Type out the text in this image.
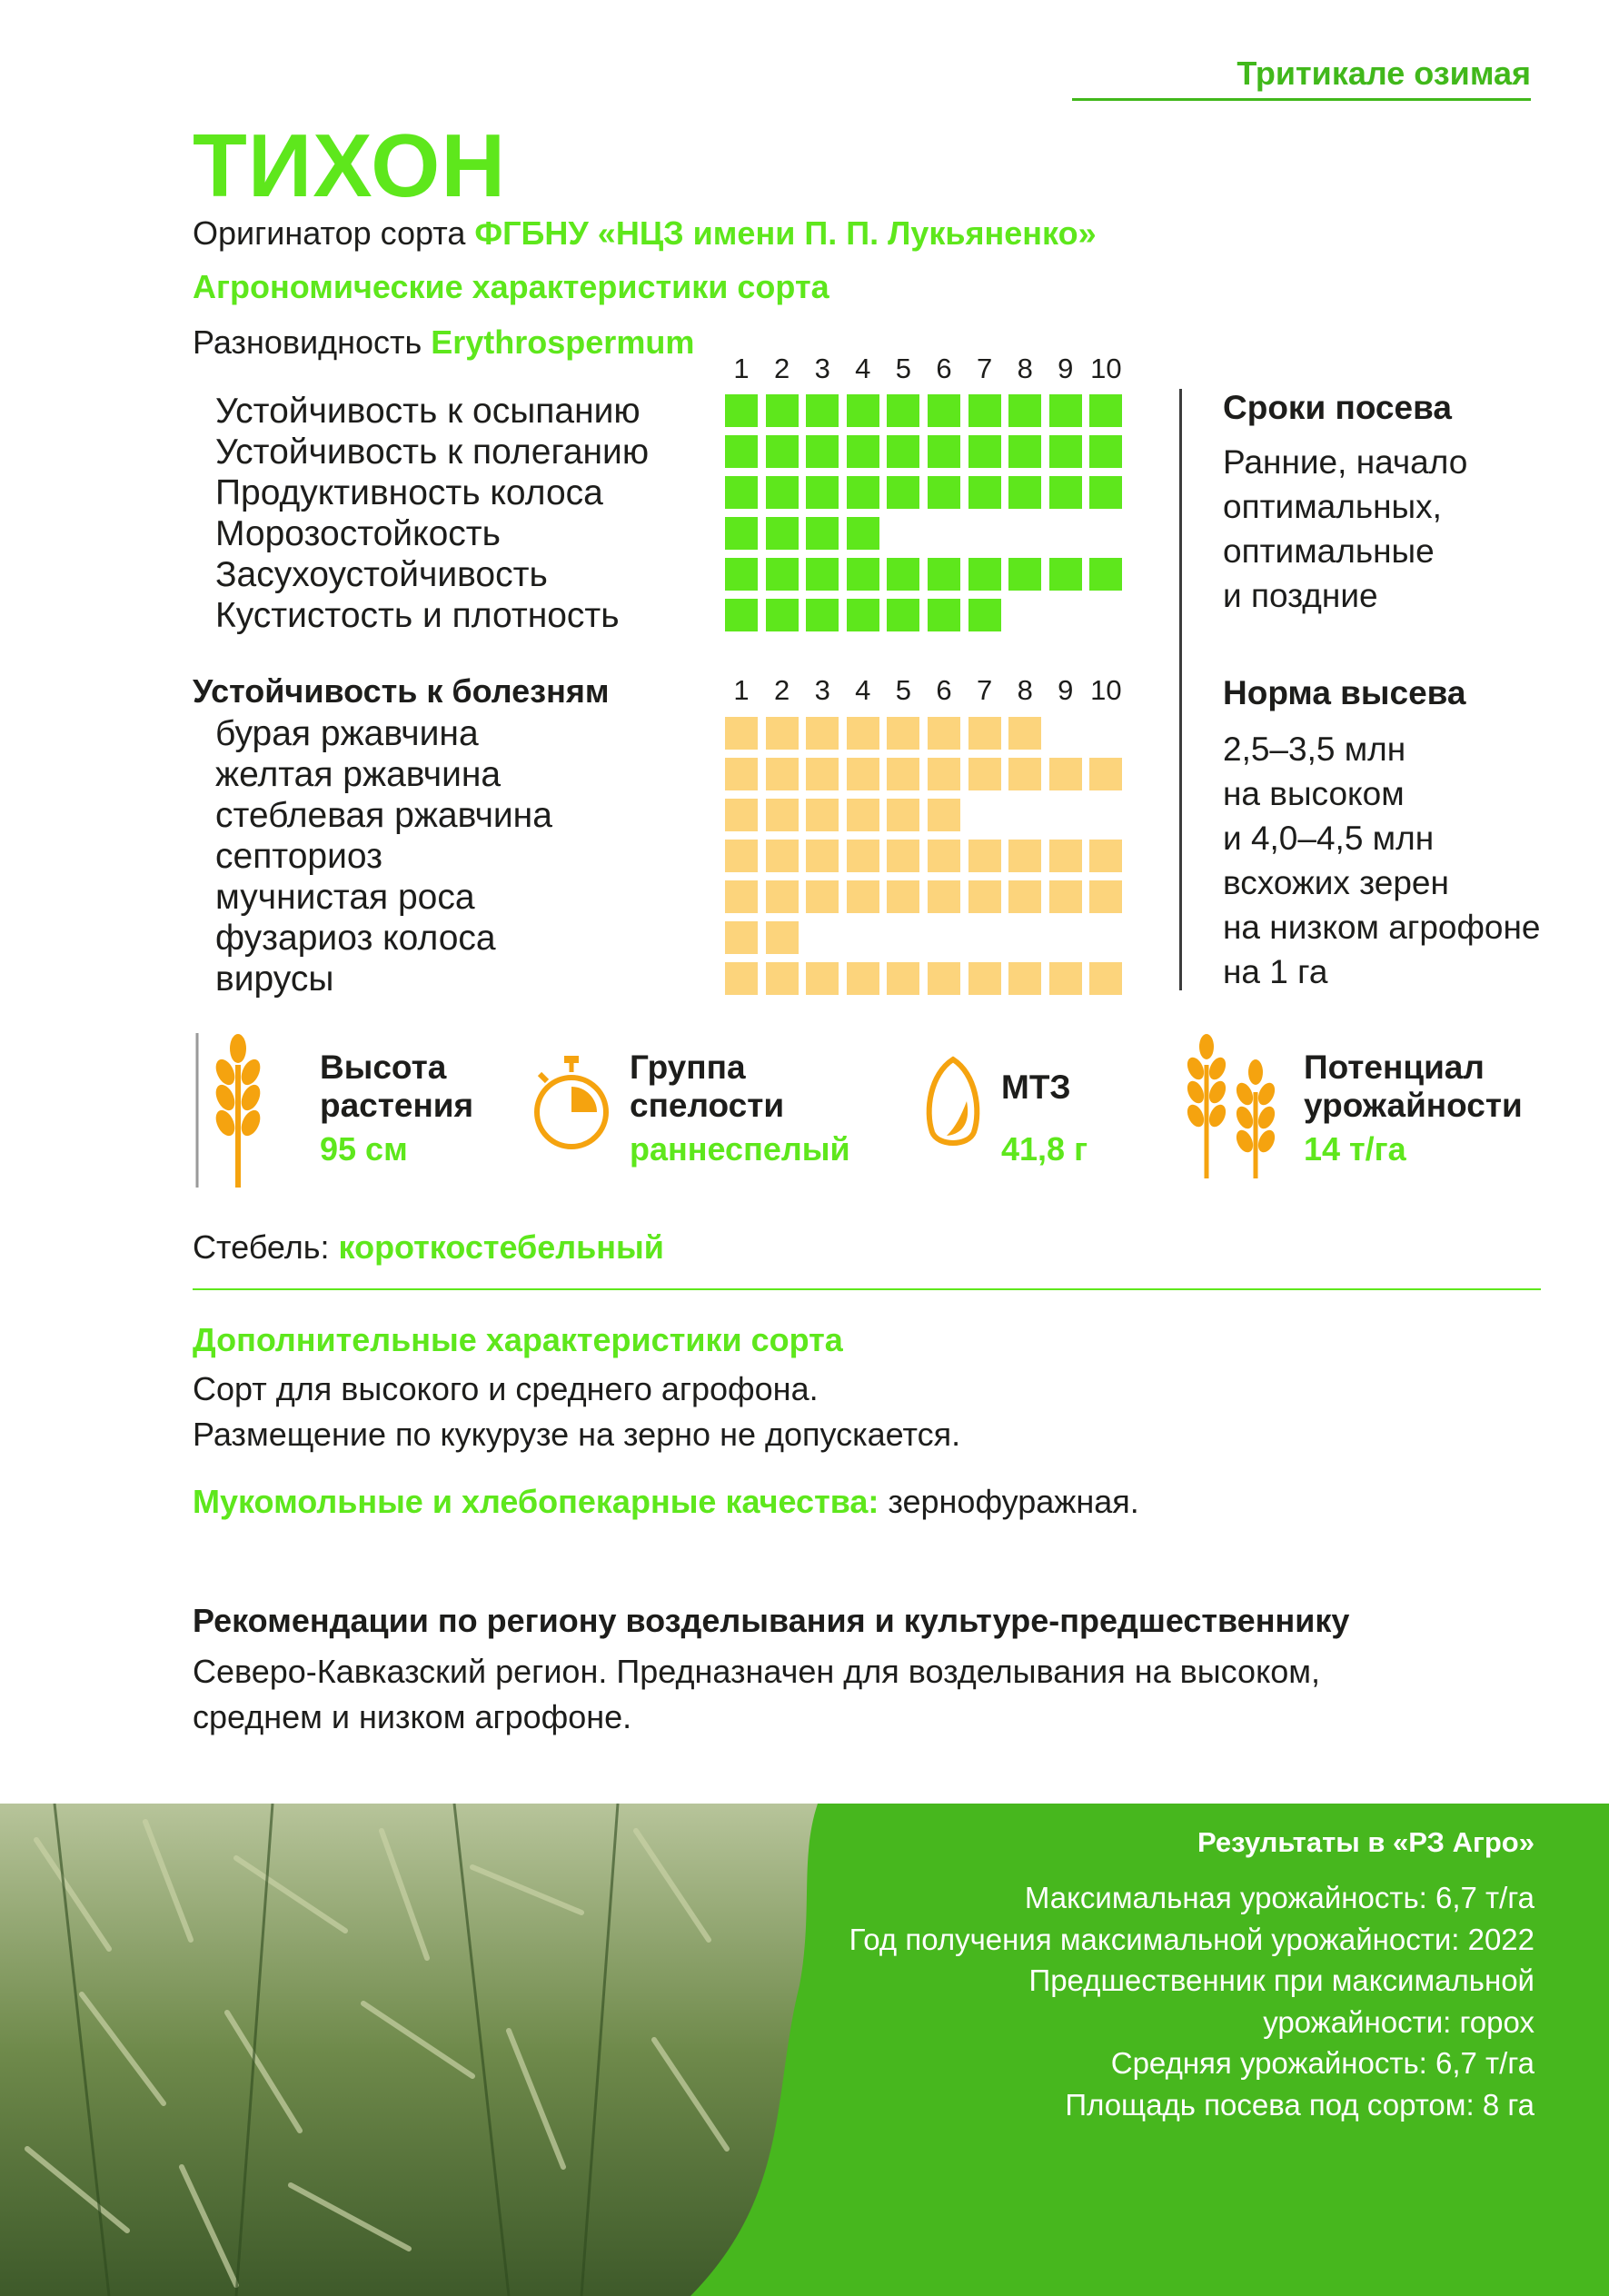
Тритикале озимая
ТИХОН
Оригинатор сорта ФГБНУ «НЦЗ имени П. П. Лукьяненко»
Агрономические характеристики сорта
Разновидность Erythrospermum
1 2 3 4 5 6 7 8 9 10
Устойчивость к осыпанию
Устойчивость к полеганию
Продуктивность колоса
Морозостойкость
Засухоустойчивость
Кустистость и плотность
Устойчивость к болезням	1 2 3 4 5 6 7 8 9 10
бурая ржавчина
желтая ржавчина
стеблевая ржавчина
септориоз
мучнистая роса
фузариоз колоса
вирусы
Сроки посева
Ранние, начало
оптимальных,
оптимальные
и поздние
Норма высева
2,5–3,5 млн
на высоком
и 4,0–4,5 млн
всхожих зерен
на низком агрофоне
на 1 га
Высота
растения
95 см
Группа
спелости
раннеспелый
МТЗ
41,8 г
Потенциал
урожайности
14 т/га
Стебель: короткостебельный
Дополнительные характеристики сорта
Сорт для высокого и среднего агрофона.
Размещение по кукурузе на зерно не допускается.
Мукомольные и хлебопекарные качества: зернофуражная.
Рекомендации по региону возделывания и культуре-предшественнику
Северо-Кавказский регион. Предназначен для возделывания на высоком,
среднем и низком агрофоне.
Результаты в «РЗ Агро»
Максимальная урожайность: 6,7 т/га
Год получения максимальной урожайности: 2022
Предшественник при максимальной
урожайности: горох
Средняя урожайность: 6,7 т/га
Площадь посева под сортом: 8 га
